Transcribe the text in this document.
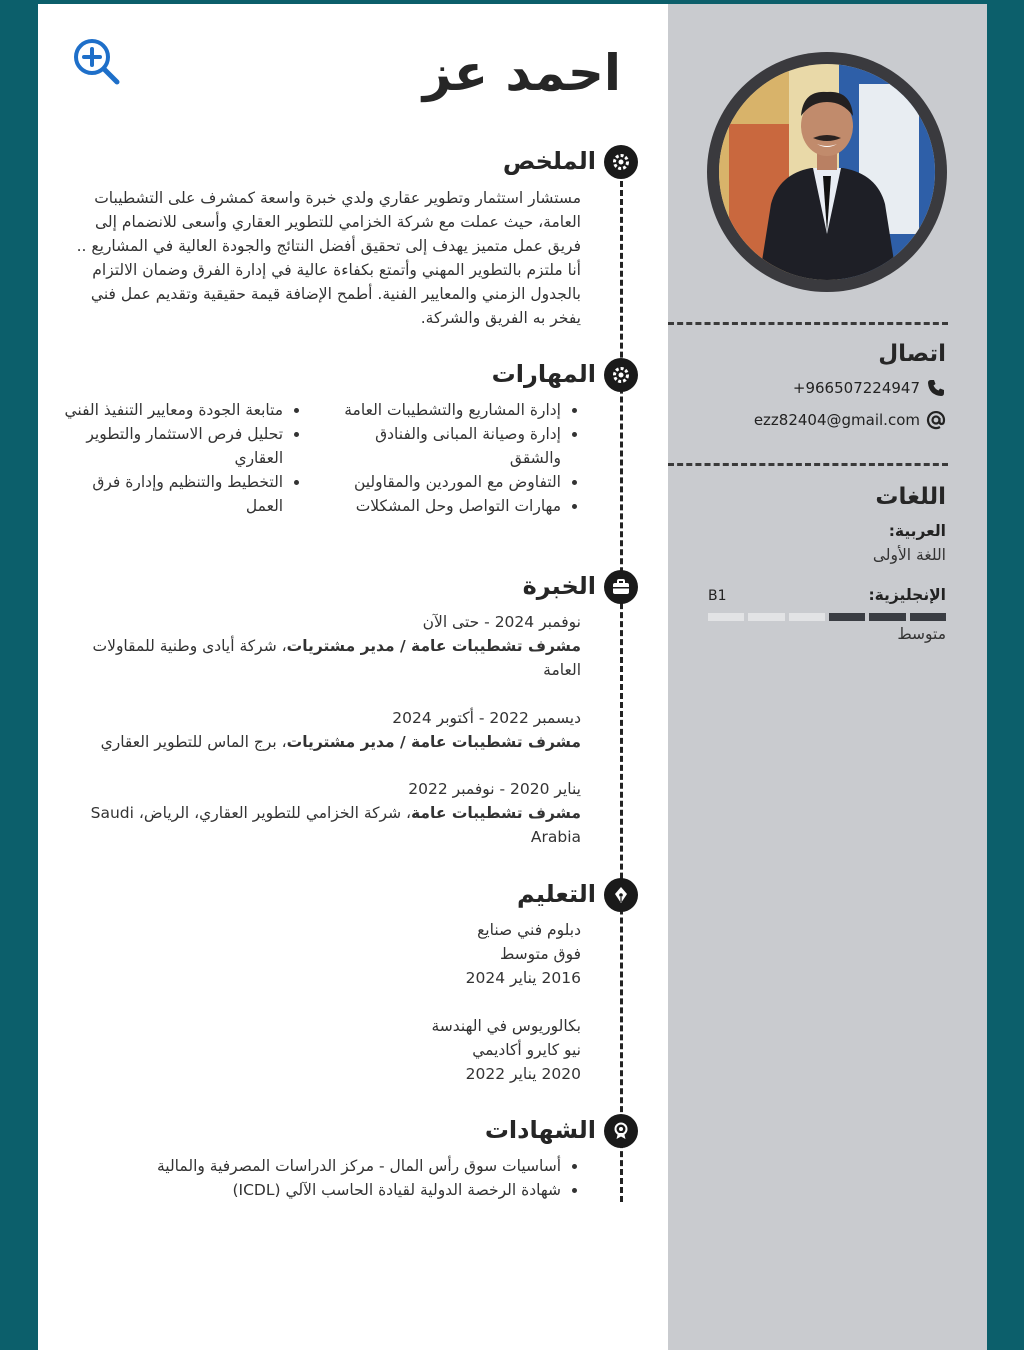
احمد عز
الملخص
مستشار استثمار وتطوير عقاري ولدي خبرة واسعة كمشرف على التشطيبات العامة، حيث عملت مع شركة الخزامي للتطوير العقاري وأسعى للانضمام إلى فريق عمل متميز يهدف إلى تحقيق أفضل النتائج والجودة العالية في المشاريع .. أنا ملتزم بالتطوير المهني وأتمتع بكفاءة عالية في إدارة الفرق وضمان الالتزام بالجدول الزمني والمعايير الفنية. أطمح الإضافة قيمة حقيقية وتقديم عمل فني يفخر به الفريق والشركة.
المهارات
• إدارة المشاريع والتشطيبات العامة
• إدارة وصيانة المبانى والفنادق والشقق
• التفاوض مع الموردين والمقاولين
• مهارات التواصل وحل المشكلات
• متابعة الجودة ومعايير التنفيذ الفني
• تحليل فرص الاستثمار والتطوير العقاري
• التخطيط والتنظيم وإدارة فرق العمل
الخبرة
نوفمبر 2024 - حتى الآن
مشرف تشطيبات عامة / مدير مشتريات، شركة أيادى وطنية للمقاولات العامة
ديسمبر 2022 - أكتوبر 2024
مشرف تشطيبات عامة / مدير مشتريات، برج الماس للتطوير العقاري
يناير 2020 - نوفمبر 2022
مشرف تشطيبات عامة، شركة الخزامي للتطوير العقاري، الرياض، Saudi Arabia
التعليم
دبلوم فني صنايع
فوق متوسط
2016 يناير 2024
بكالوريوس في الهندسة
نيو كايرو أكاديمي
2020 يناير 2022
الشهادات
• أساسيات سوق رأس المال - مركز الدراسات المصرفية والمالية
• شهادة الرخصة الدولية لقيادة الحاسب الآلي (ICDL)
اتصال
+966507224947
ezz82404@gmail.com
اللغات
العربية:
اللغة الأولى
الإنجليزية:
B1
متوسط
